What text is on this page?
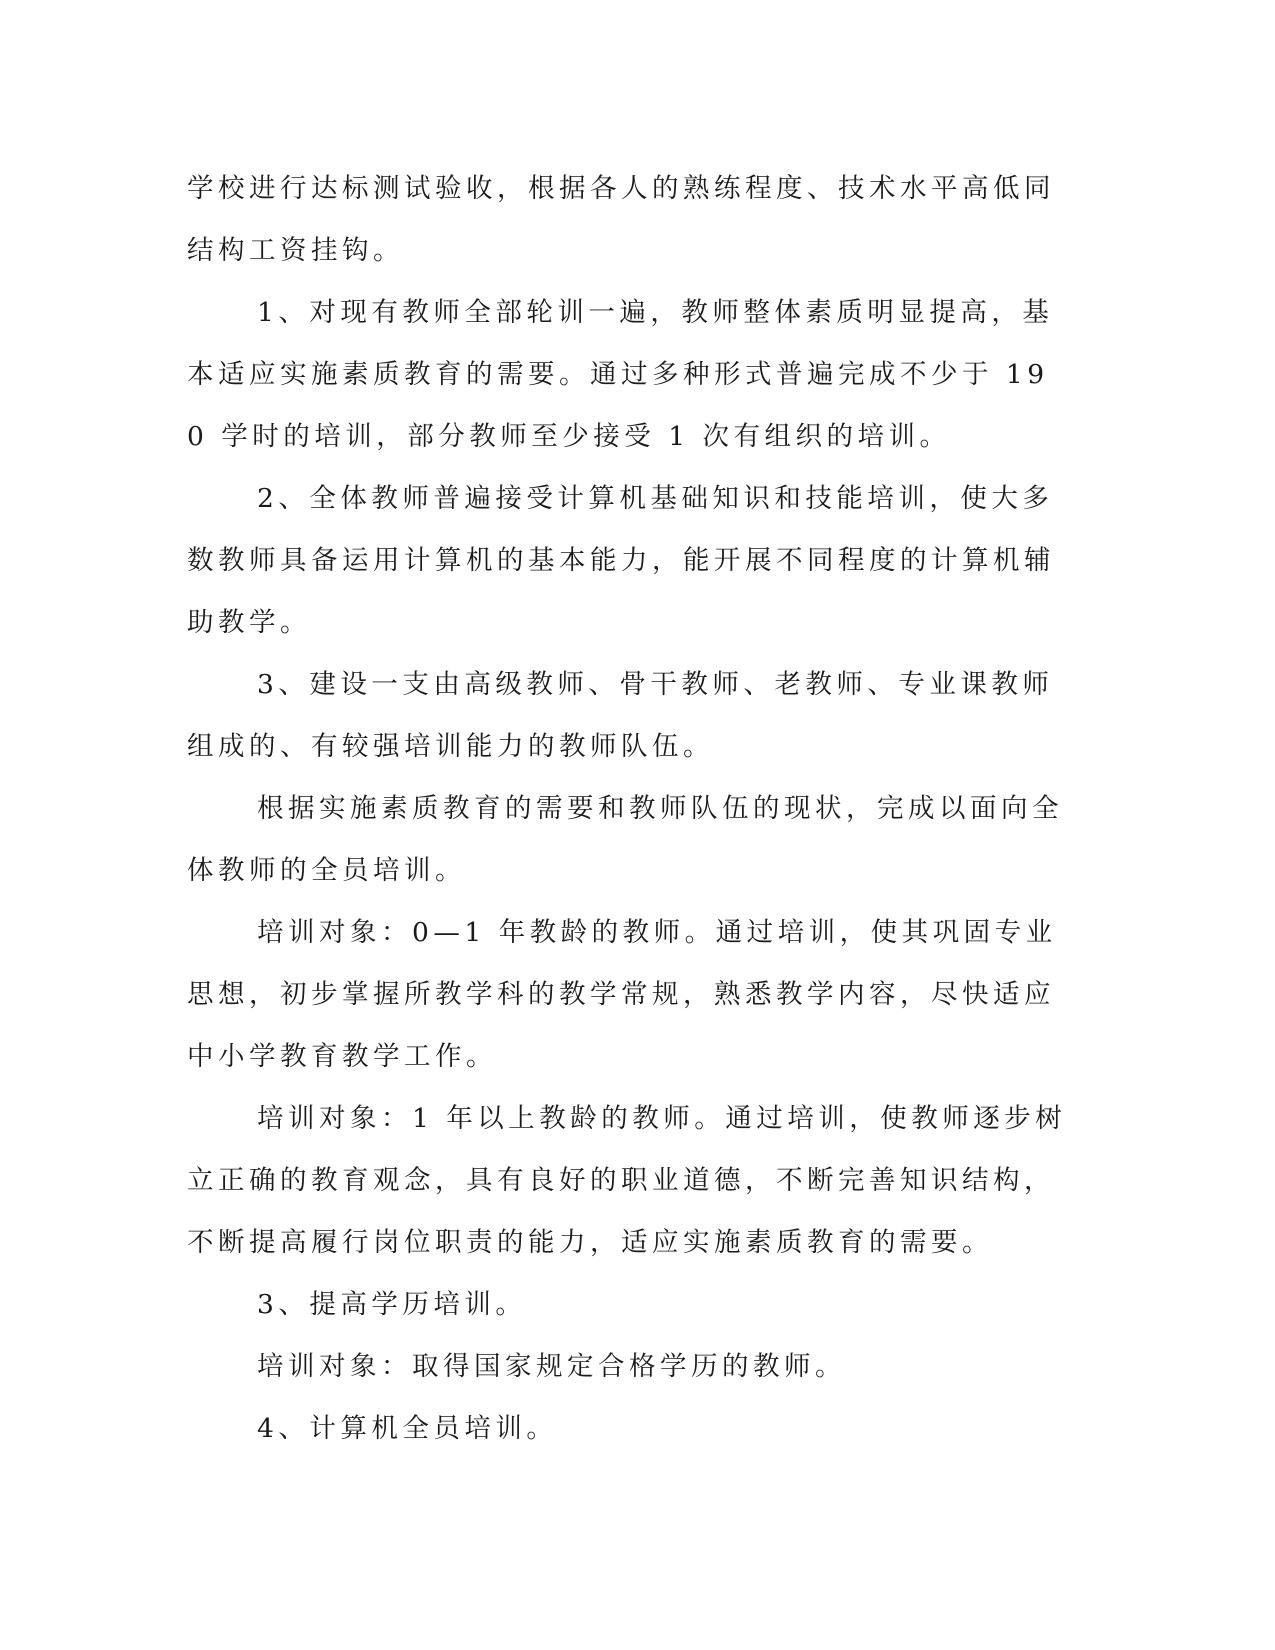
学校进行达标测试验收，根据各人的熟练程度、技术水平高低同结构工资挂钩。

1、对现有教师全部轮训一遍，教师整体素质明显提高，基本适应实施素质教育的需要。通过多种形式普遍完成不少于 190 学时的培训，部分教师至少接受 1 次有组织的培训。

2、全体教师普遍接受计算机基础知识和技能培训，使大多数教师具备运用计算机的基本能力，能开展不同程度的计算机辅助教学。

3、建设一支由高级教师、骨干教师、老教师、专业课教师组成的、有较强培训能力的教师队伍。

根据实施素质教育的需要和教师队伍的现状，完成以面向全体教师的全员培训。

培训对象：0—1 年教龄的教师。通过培训，使其巩固专业思想，初步掌握所教学科的教学常规，熟悉教学内容，尽快适应中小学教育教学工作。

培训对象：1 年以上教龄的教师。通过培训，使教师逐步树立正确的教育观念，具有良好的职业道德，不断完善知识结构，不断提高履行岗位职责的能力，适应实施素质教育的需要。

3、提高学历培训。

培训对象：取得国家规定合格学历的教师。

4、计算机全员培训。
